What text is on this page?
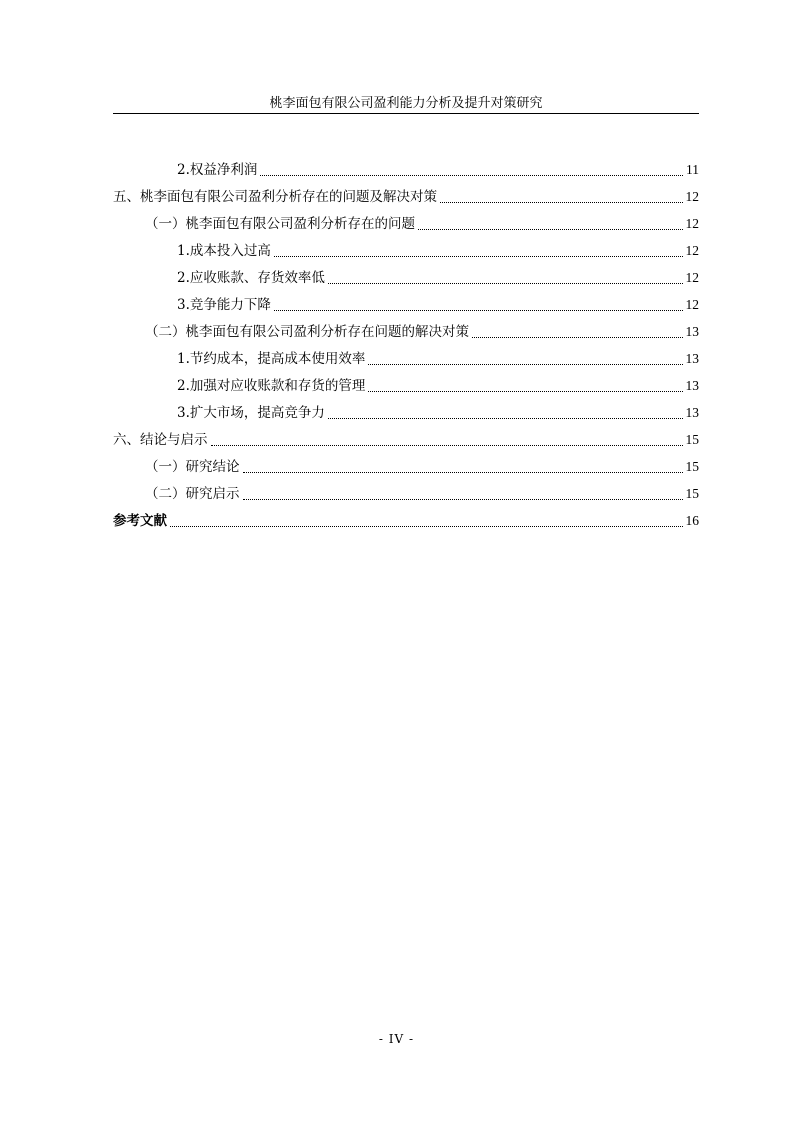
桃李面包有限公司盈利能力分析及提升对策研究
2.权益净利润	11
五、桃李面包有限公司盈利分析存在的问题及解决对策	12
（一）桃李面包有限公司盈利分析存在的问题	12
1.成本投入过高	12
2.应收账款、存货效率低	12
3.竞争能力下降	12
（二）桃李面包有限公司盈利分析存在问题的解决对策	13
1.节约成本，提高成本使用效率	13
2.加强对应收账款和存货的管理	13
3.扩大市场，提高竞争力	13
六、结论与启示	15
（一）研究结论	15
（二）研究启示	15
参考文献	16
- IV -
